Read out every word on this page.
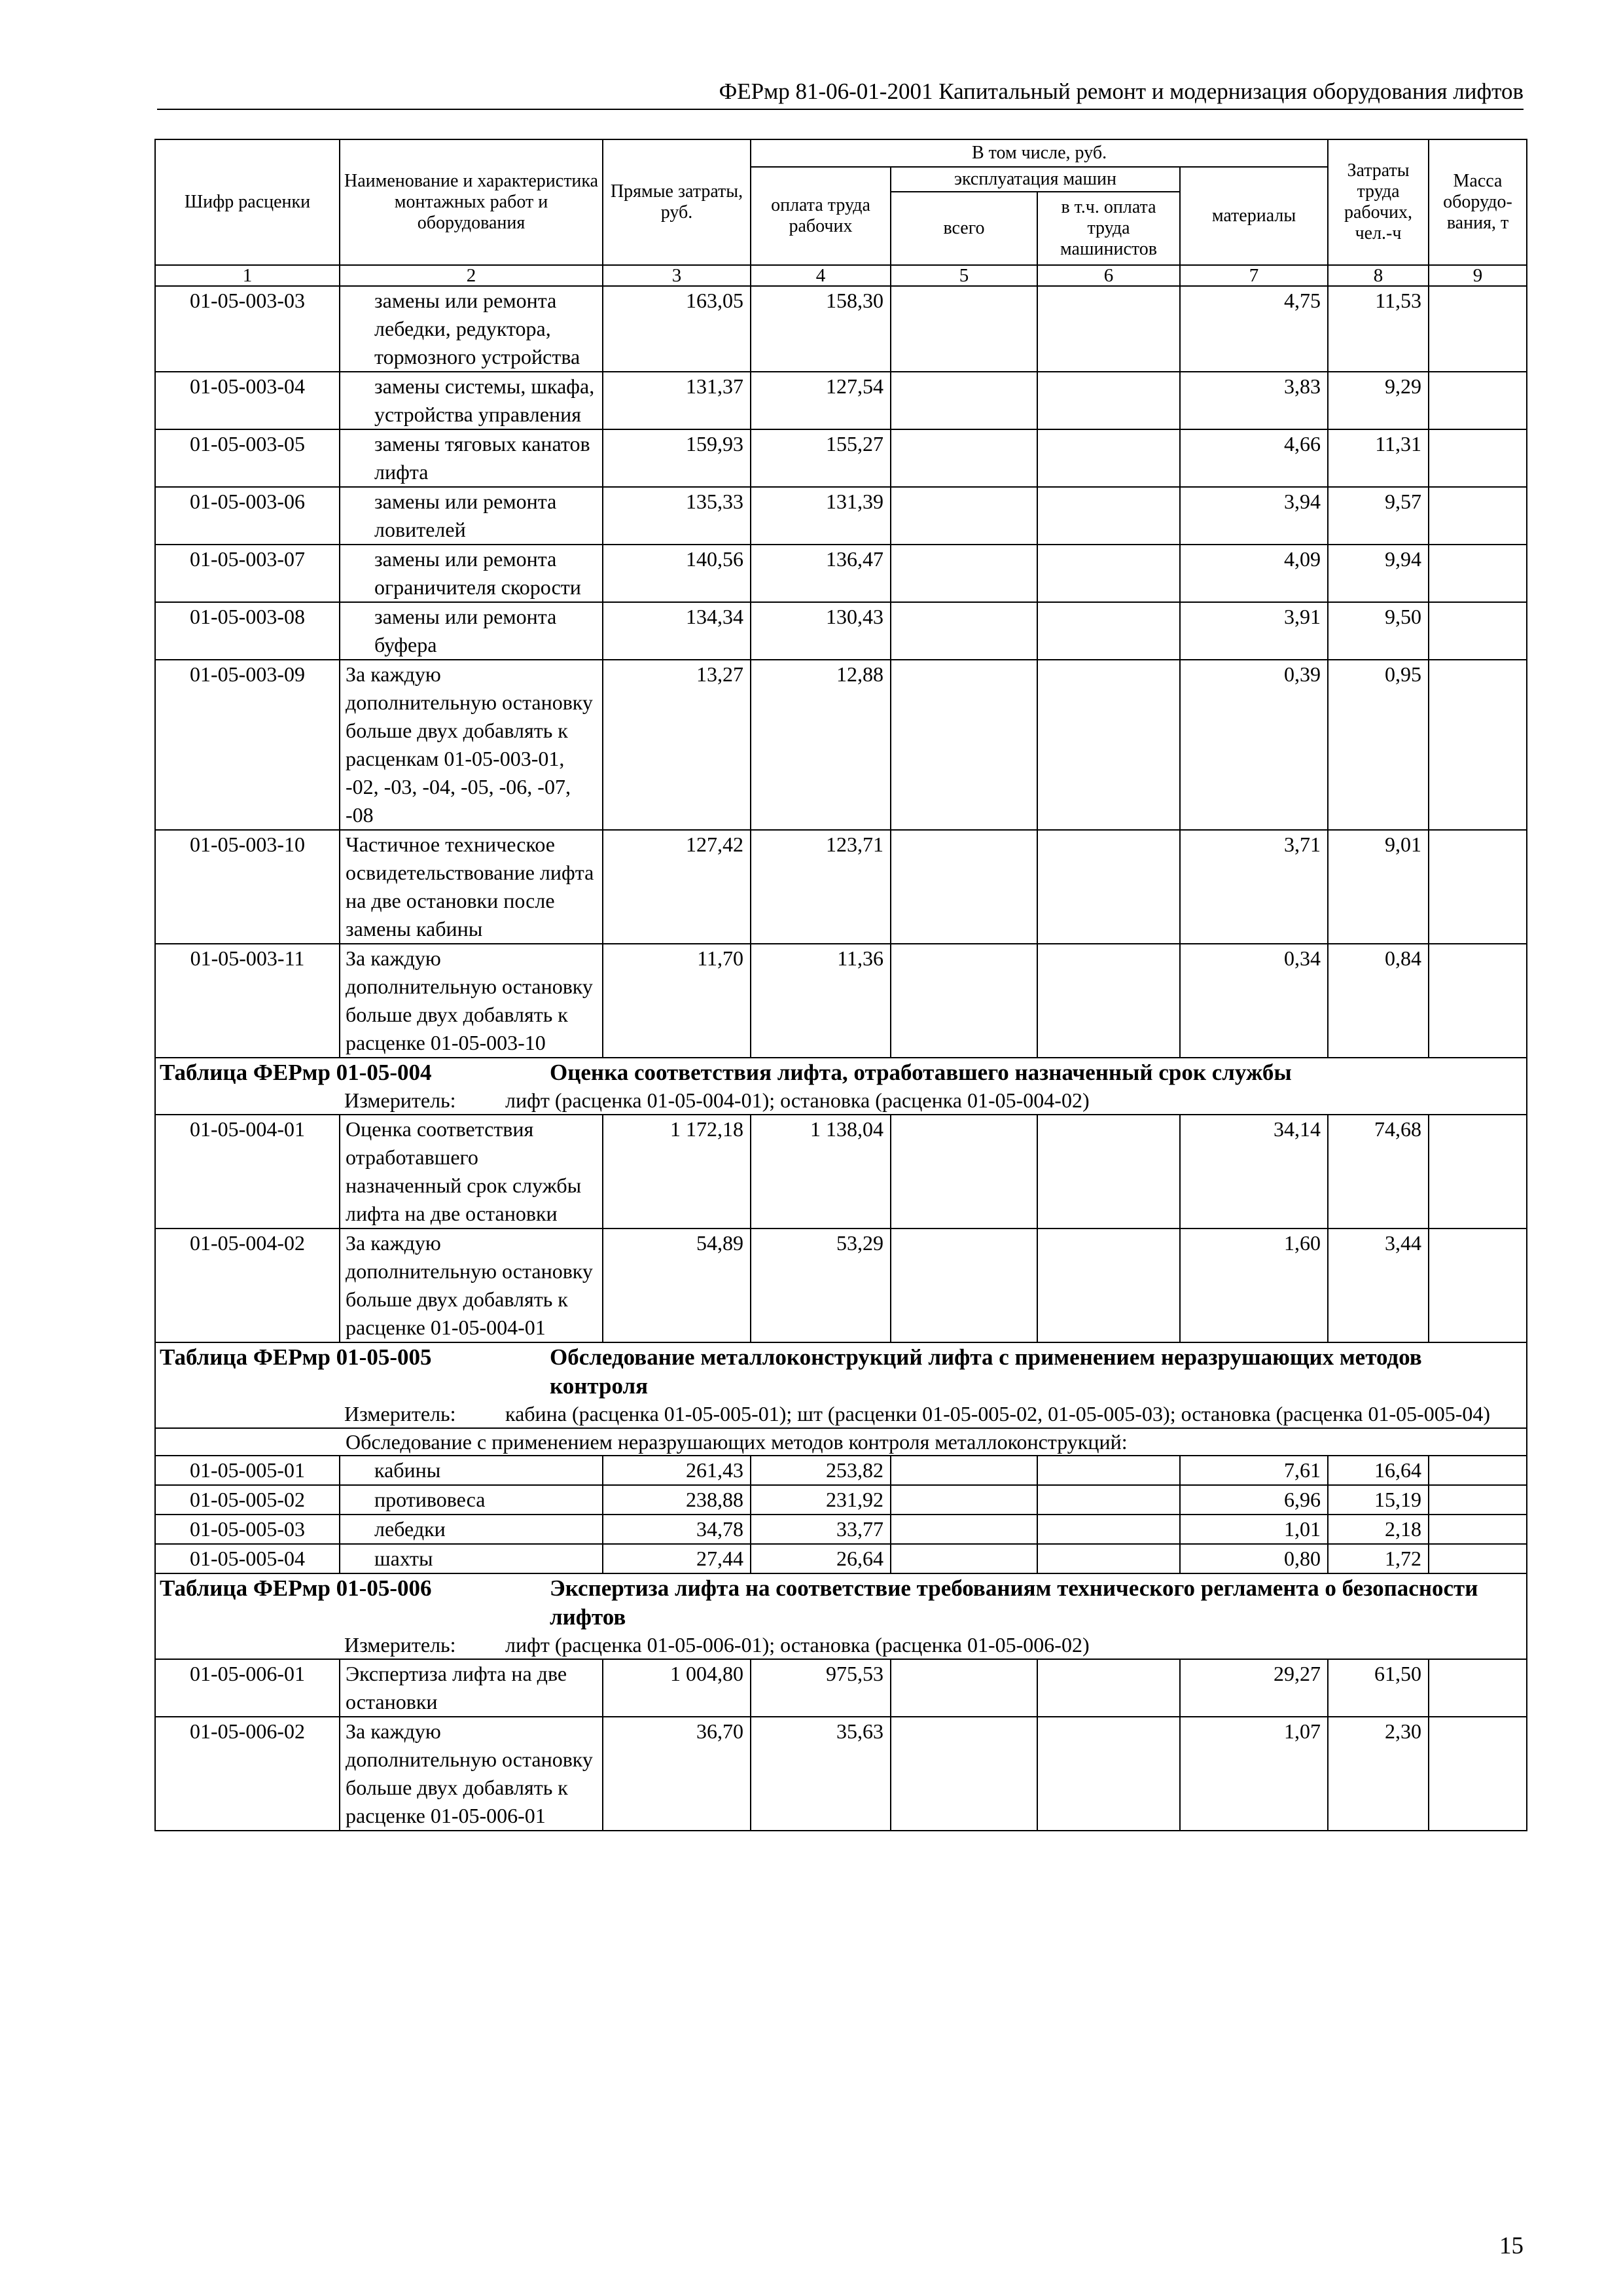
ФЕРмр 81-06-01-2001 Капитальный ремонт и модернизация оборудования лифтов
Шифр расценки	Наименование и характеристика монтажных работ и оборудования	Прямые затраты, руб.	В том числе, руб.				Затраты труда рабочих, чел.-ч	Масса оборудо-вания, т
			оплата труда рабочих	эксплуатация машин		материалы		
				всего	в т.ч. оплата труда машинистов			
1	2	3	4	5	6	7	8	9
01-05-003-03	замены или ремонта лебедки, редуктора, тормозного устройства	163,05	158,30			4,75	11,53	
01-05-003-04	замены системы, шкафа, устройства управления	131,37	127,54			3,83	9,29	
01-05-003-05	замены тяговых канатов лифта	159,93	155,27			4,66	11,31	
01-05-003-06	замены или ремонта ловителей	135,33	131,39			3,94	9,57	
01-05-003-07	замены или ремонта ограничителя скорости	140,56	136,47			4,09	9,94	
01-05-003-08	замены или ремонта буфера	134,34	130,43			3,91	9,50	
01-05-003-09	За каждую дополнительную остановку больше двух добавлять к расценкам 01-05-003-01, -02, -03, -04, -05, -06, -07, -08	13,27	12,88			0,39	0,95	
01-05-003-10	Частичное техническое освидетельствование лифта на две остановки после замены кабины	127,42	123,71			3,71	9,01	
01-05-003-11	За каждую дополнительную остановку больше двух добавлять к расценке 01-05-003-10	11,70	11,36			0,34	0,84	

Таблица ФЕРмр 01-05-004 Оценка соответствия лифта, отработавшего назначенный срок службы
Измеритель: лифт (расценка 01-05-004-01); остановка (расценка 01-05-004-02)								

01-05-004-01	Оценка соответствия отработавшего назначенный срок службы лифта на две остановки	1 172,18	1 138,04			34,14	74,68	
01-05-004-02	За каждую дополнительную остановку больше двух добавлять к расценке 01-05-004-01	54,89	53,29			1,60	3,44	

Таблица ФЕРмр 01-05-005 Обследование металлоконструкций лифта с применением неразрушающих методов контроля
Измеритель: кабина (расценка 01-05-005-01); шт (расценки 01-05-005-02, 01-05-005-03); остановка (расценка 01-05-005-04)								

Обследование с применением неразрушающих методов контроля металлоконструкций:								
01-05-005-01	кабины	261,43	253,82			7,61	16,64	
01-05-005-02	противовеса	238,88	231,92			6,96	15,19	
01-05-005-03	лебедки	34,78	33,77			1,01	2,18	
01-05-005-04	шахты	27,44	26,64			0,80	1,72	

Таблица ФЕРмр 01-05-006 Экспертиза лифта на соответствие требованиям технического регламента о безопасности лифтов
Измеритель: лифт (расценка 01-05-006-01); остановка (расценка 01-05-006-02)								

01-05-006-01	Экспертиза лифта на две остановки	1 004,80	975,53			29,27	61,50	
01-05-006-02	За каждую дополнительную остановку больше двух добавлять к расценке 01-05-006-01	36,70	35,63			1,07	2,30	
15
